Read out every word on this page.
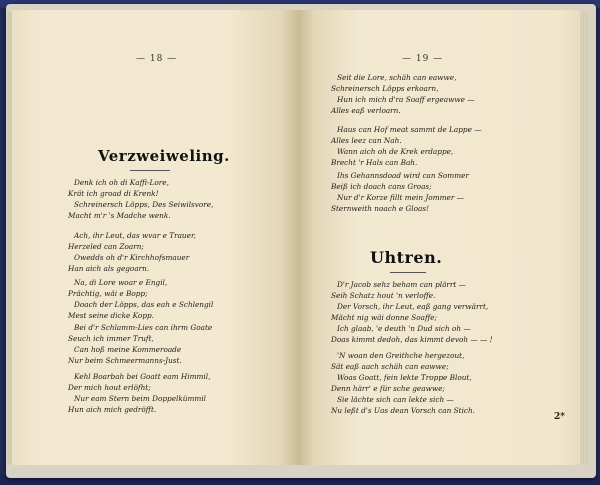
— 18 —
Verzweiweling.
Denk ich oh di Kaffi-Lore,
Krät ich groad di Krenk!
Schreinersch Löpps, Des Seiwilsvore,
Macht m'r 's Madche wenk.
Ach, ihr Leut, das wvar e Trauer,
Herzeled can Zoarn;
Owedds oh d'r Kirchhofsmauer
Han aich als gegoarn.
Na, di Lore woar e Engil,
Prächtig, wäi e Bopp;
Doach der Löpps, das eah e Schlengil
Mest seine dicke Kopp.
Bei d'r Schlamm-Lies can ihrm Goate
Seuch ich immer Truft,
Can hoß meine Kommeroade
Nur beim Schmeermanns-Just.
Kehl Boarbah bei Goatt eam Himmil,
Der mich hout erlöfht;
Nur eam Stern beim Doppelkümmil
Hun aich mich gedröfft.
— 19 —
Seit die Lore, schäh can eawwe,
Schreinersch Löpps erkoarn,
Hun ich mich d'ra Soaff ergeawwe —
Alles eaß verloarn.
Haus can Hof meat sammt de Lappe —
Alles leez can Nah.
Wann aich oh de Krek erdappe,
Brecht 'r Hals can Bah.
Ihs Gehannsdoad wird can Sommer
Beiß ich doach cans Groas;
Nur d'r Korze fillt mein Jommer —
Sternweith noach e Gloas!
Uhtren.
D'r Jacob sehz beham can plärrt —
Seih Schatz hout 'n verloffe.
Der Vorsch, ihr Leut, eaß gang verwärrt,
Mächt nig wäi donne Soaffe;
Ich glaab, 'e deuth 'n Dud sich oh —
Doas kimmt dedoh, das kimmt devoh — — !
'N woan den Greithche hergezout,
Sät eaß aach schäh can eawwe;
Woas Goatt, fein lekte Troppe Blout,
Denn härr' e für sche geawwe;
Sie lächte sich can lekte sich —
Nu leßt d's Uas dean Vorsch can Stich.
2*
